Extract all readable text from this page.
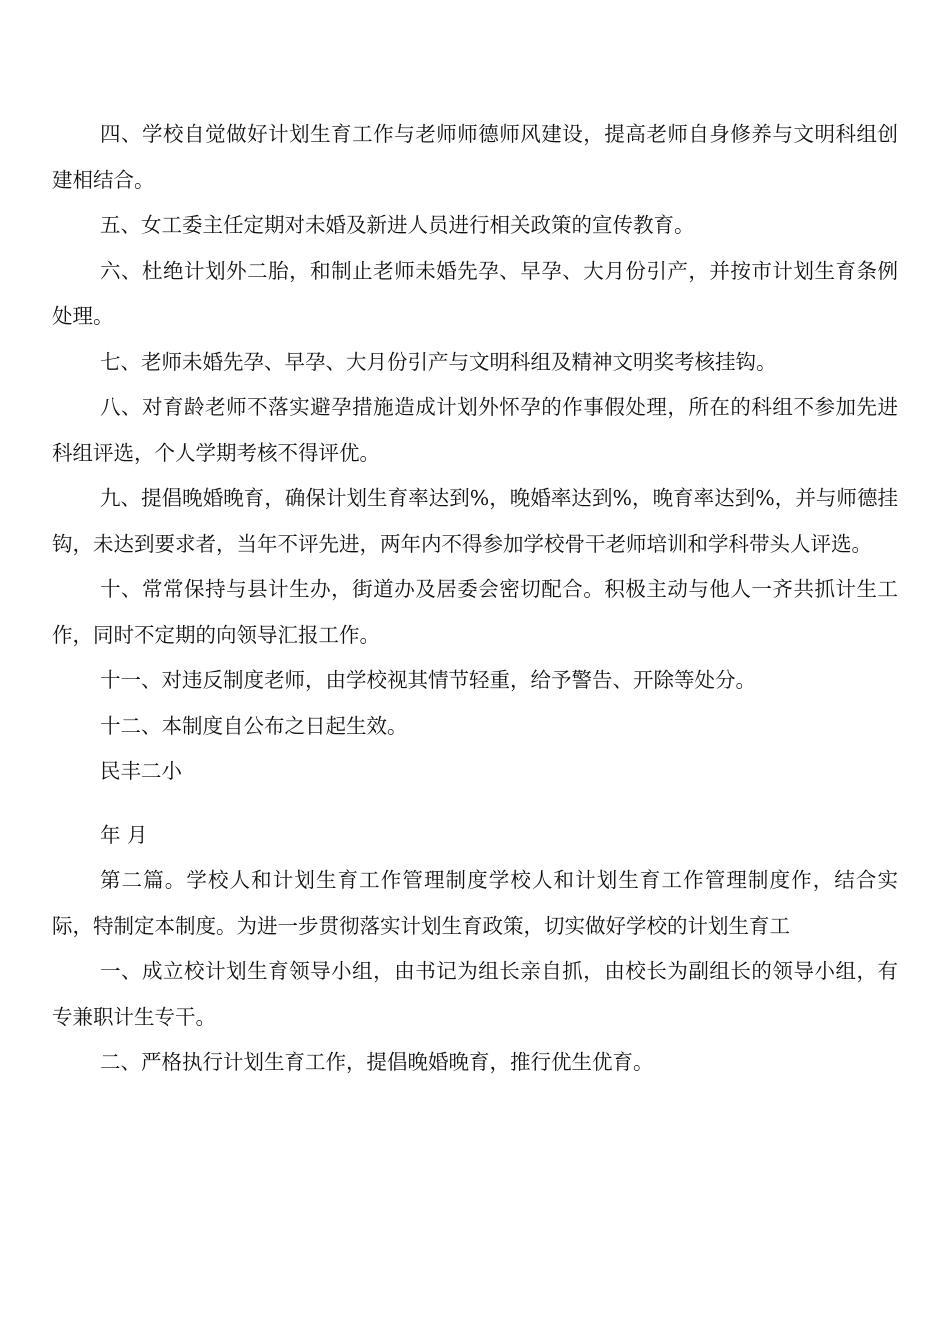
四、学校自觉做好计划生育工作与老师师德师风建设，提高老师自身修养与文明科组创建相结合。

五、女工委主任定期对未婚及新进人员进行相关政策的宣传教育。

六、杜绝计划外二胎，和制止老师未婚先孕、早孕、大月份引产，并按市计划生育条例处理。

七、老师未婚先孕、早孕、大月份引产与文明科组及精神文明奖考核挂钩。

八、对育龄老师不落实避孕措施造成计划外怀孕的作事假处理，所在的科组不参加先进科组评选，个人学期考核不得评优。

九、提倡晚婚晚育，确保计划生育率达到%，晚婚率达到%，晚育率达到%，并与师德挂钩，未达到要求者，当年不评先进，两年内不得参加学校骨干老师培训和学科带头人评选。

十、常常保持与县计生办，街道办及居委会密切配合。积极主动与他人一齐共抓计生工作，同时不定期的向领导汇报工作。

十一、对违反制度老师，由学校视其情节轻重，给予警告、开除等处分。

十二、本制度自公布之日起生效。

民丰二小

年 月

第二篇。学校人和计划生育工作管理制度学校人和计划生育工作管理制度作，结合实际，特制定本制度。为进一步贯彻落实计划生育政策，切实做好学校的计划生育工

一、成立校计划生育领导小组，由书记为组长亲自抓，由校长为副组长的领导小组，有专兼职计生专干。

二、严格执行计划生育工作，提倡晚婚晚育，推行优生优育。
